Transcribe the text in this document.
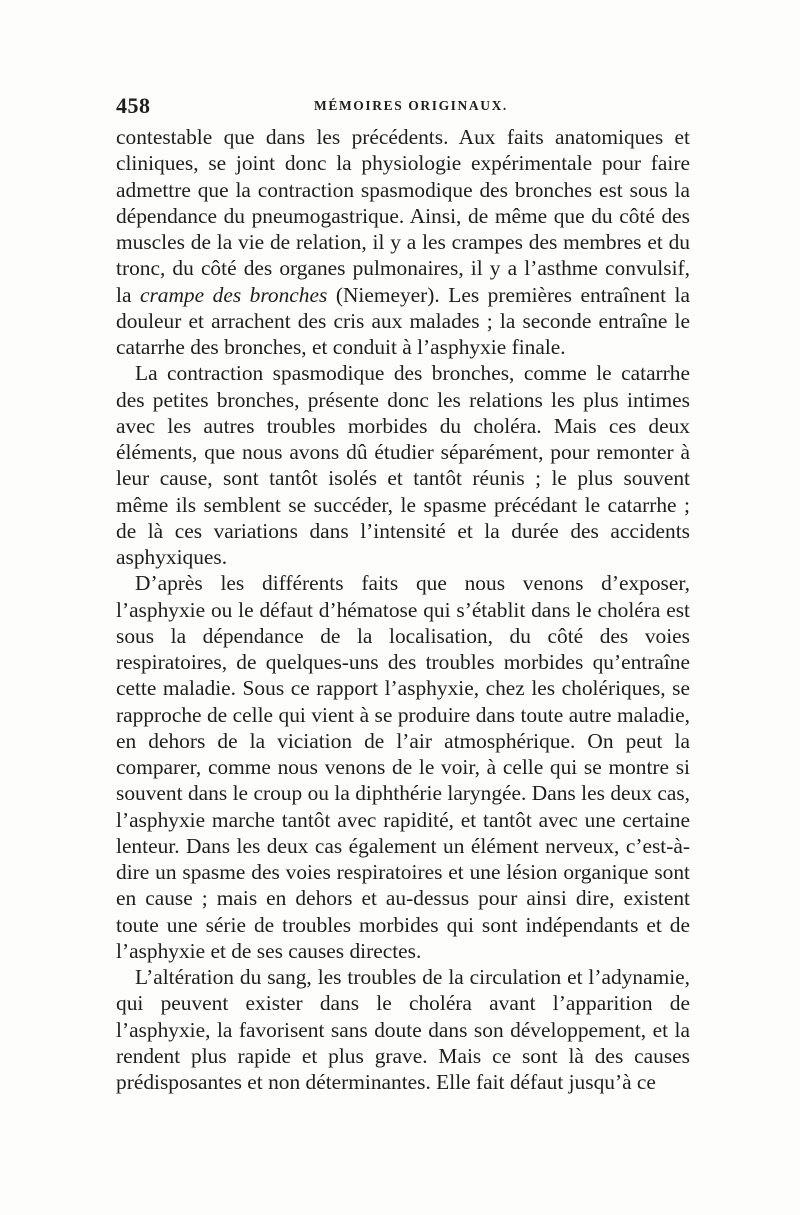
458	MÉMOIRES ORIGINAUX.

contestable que dans les précédents. Aux faits anatomiques et cliniques, se joint donc la physiologie expérimentale pour faire admettre que la contraction spasmodique des bronches est sous la dépendance du pneumogastrique. Ainsi, de même que du côté des muscles de la vie de relation, il y a les crampes des membres et du tronc, du côté des organes pulmonaires, il y a l’asthme convulsif, la crampe des bronches (Niemeyer). Les premières entraînent la douleur et arrachent des cris aux malades ; la seconde entraîne le catarrhe des bronches, et conduit à l’asphyxie finale.

La contraction spasmodique des bronches, comme le catarrhe des petites bronches, présente donc les relations les plus intimes avec les autres troubles morbides du choléra. Mais ces deux éléments, que nous avons dû étudier séparément, pour remonter à leur cause, sont tantôt isolés et tantôt réunis ; le plus souvent même ils semblent se succéder, le spasme précédant le catarrhe ; de là ces variations dans l’intensité et la durée des accidents asphyxiques.

D’après les différents faits que nous venons d’exposer, l’asphyxie ou le défaut d’hématose qui s’établit dans le choléra est sous la dépendance de la localisation, du côté des voies respiratoires, de quelques-uns des troubles morbides qu’entraîne cette maladie. Sous ce rapport l’asphyxie, chez les cholériques, se rapproche de celle qui vient à se produire dans toute autre maladie, en dehors de la viciation de l’air atmosphérique. On peut la comparer, comme nous venons de le voir, à celle qui se montre si souvent dans le croup ou la diphthérie laryngée. Dans les deux cas, l’asphyxie marche tantôt avec rapidité, et tantôt avec une certaine lenteur. Dans les deux cas également un élément nerveux, c’est-à-dire un spasme des voies respiratoires et une lésion organique sont en cause ; mais en dehors et au-dessus pour ainsi dire, existent toute une série de troubles morbides qui sont indépendants et de l’asphyxie et de ses causes directes.

L’altération du sang, les troubles de la circulation et l’adynamie, qui peuvent exister dans le choléra avant l’apparition de l’asphyxie, la favorisent sans doute dans son développement, et la rendent plus rapide et plus grave. Mais ce sont là des causes prédisposantes et non déterminantes. Elle fait défaut jusqu’à ce
